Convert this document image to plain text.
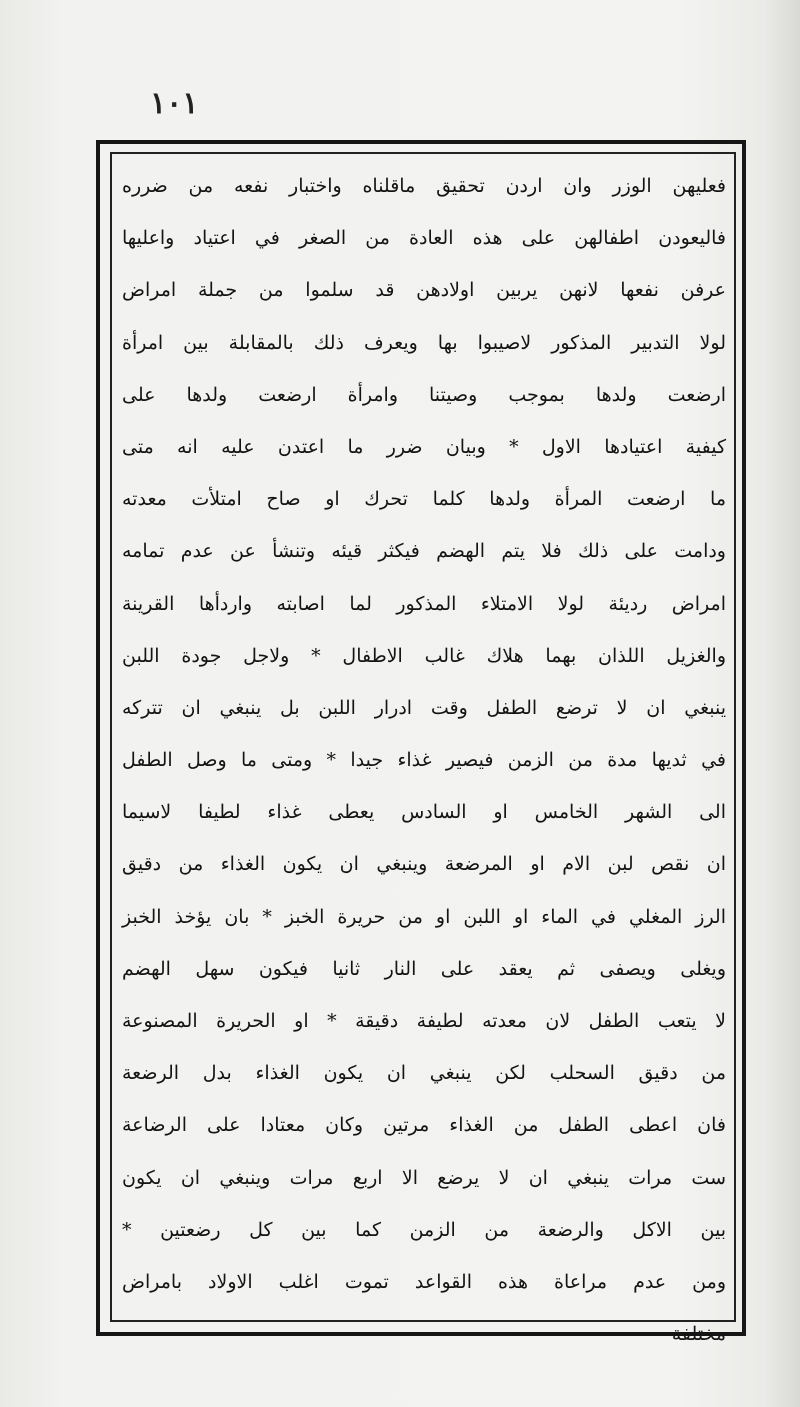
١٠١
فعليهن الوزر وان اردن تحقيق ماقلناه واختبار نفعه من ضرره
فاليعودن اطفالهن على هذه العادة من الصغر في اعتياد واعليها
عرفن نفعها لانهن يربين اولادهن قد سلموا من جملة امراض
لولا التدبير المذكور لاصيبوا بها ويعرف ذلك بالمقابلة بين امرأة
ارضعت ولدها بموجب وصيتنا وامرأة ارضعت ولدها على
كيفية اعتيادها الاول * وبيان ضرر ما اعتدن عليه انه متى
ما ارضعت المرأة ولدها كلما تحرك او صاح امتلأت معدته
ودامت على ذلك فلا يتم الهضم فيكثر قيئه وتنشأ عن عدم تمامه
امراض رديئة لولا الامتلاء المذكور لما اصابته واردأها القرينة
والغزيل اللذان بهما هلاك غالب الاطفال * ولاجل جودة اللبن
ينبغي ان لا ترضع الطفل وقت ادرار اللبن بل ينبغي ان تتركه
في ثديها مدة من الزمن فيصير غذاء جيدا * ومتى ما وصل الطفل
الى الشهر الخامس او السادس يعطى غذاء لطيفا لاسيما
ان نقص لبن الام او المرضعة وينبغي ان يكون الغذاء من دقيق
الرز المغلي في الماء او اللبن او من حريرة الخبز * بان يؤخذ الخبز
ويغلى ويصفى ثم يعقد على النار ثانيا فيكون سهل الهضم
لا يتعب الطفل لان معدته لطيفة دقيقة * او الحريرة المصنوعة
من دقيق السحلب لكن ينبغي ان يكون الغذاء بدل الرضعة
فان اعطى الطفل من الغذاء مرتين وكان معتادا على الرضاعة
ست مرات ينبغي ان لا يرضع الا اربع مرات وينبغي ان يكون
بين الاكل والرضعة من الزمن كما بين كل رضعتين *
ومن عدم مراعاة هذه القواعد تموت اغلب الاولاد بامراض
مختلفة
